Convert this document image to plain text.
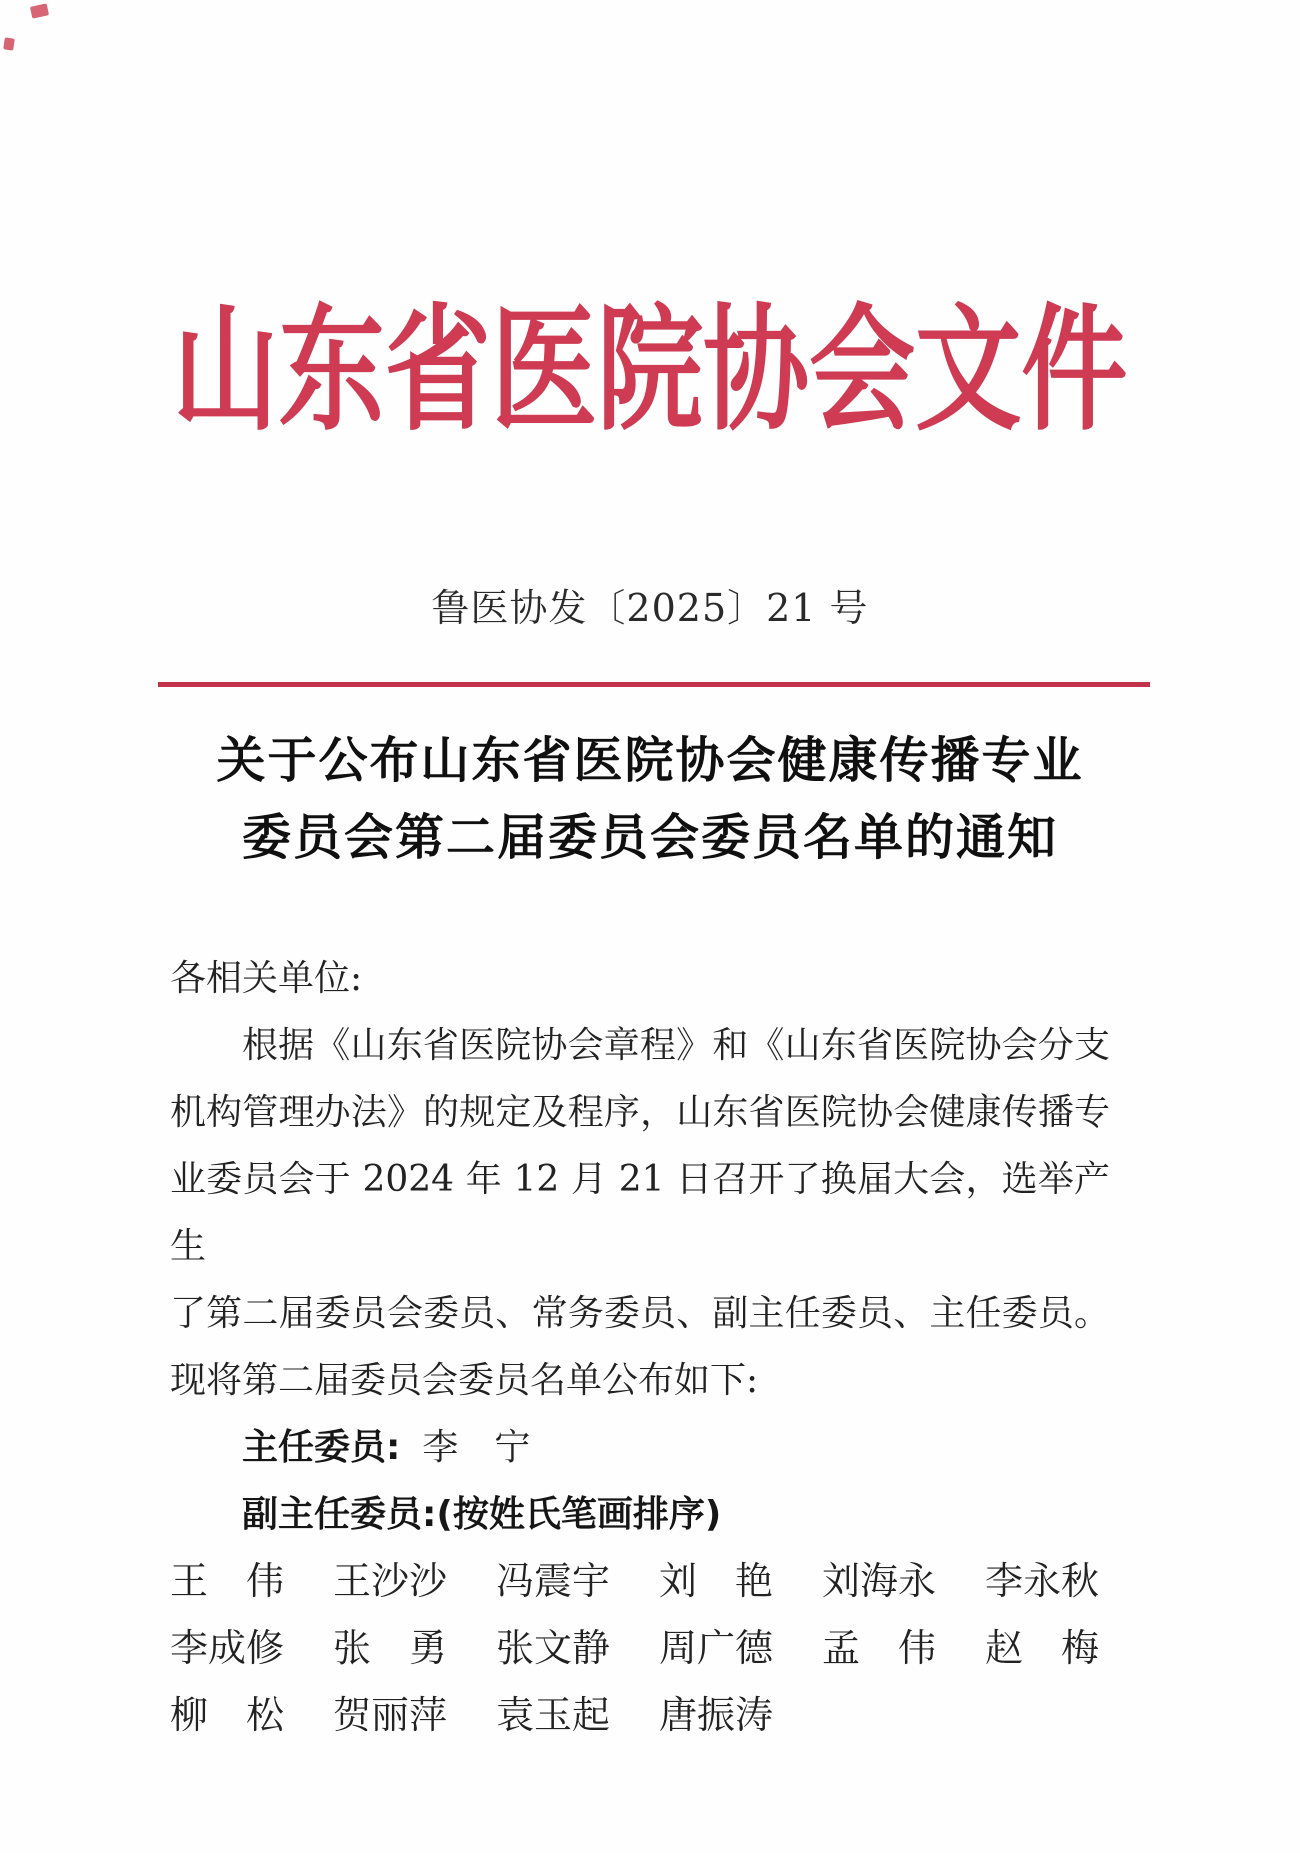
山东省医院协会文件
鲁医协发〔2025〕21 号
关于公布山东省医院协会健康传播专业
委员会第二届委员会委员名单的通知
各相关单位:
根据《山东省医院协会章程》和《山东省医院协会分支
机构管理办法》的规定及程序，山东省医院协会健康传播专
业委员会于 2024 年 12 月 21 日召开了换届大会，选举产生
了第二届委员会委员、常务委员、副主任委员、主任委员。
现将第二届委员会委员名单公布如下:
主任委员: 李　宁
副主任委员:(按姓氏笔画排序)
王　伟 王沙沙 冯震宇 刘　艳 刘海永 李永秋
李成修 张　勇 张文静 周广德 孟　伟 赵　梅
柳　松 贺丽萍 袁玉起 唐振涛
